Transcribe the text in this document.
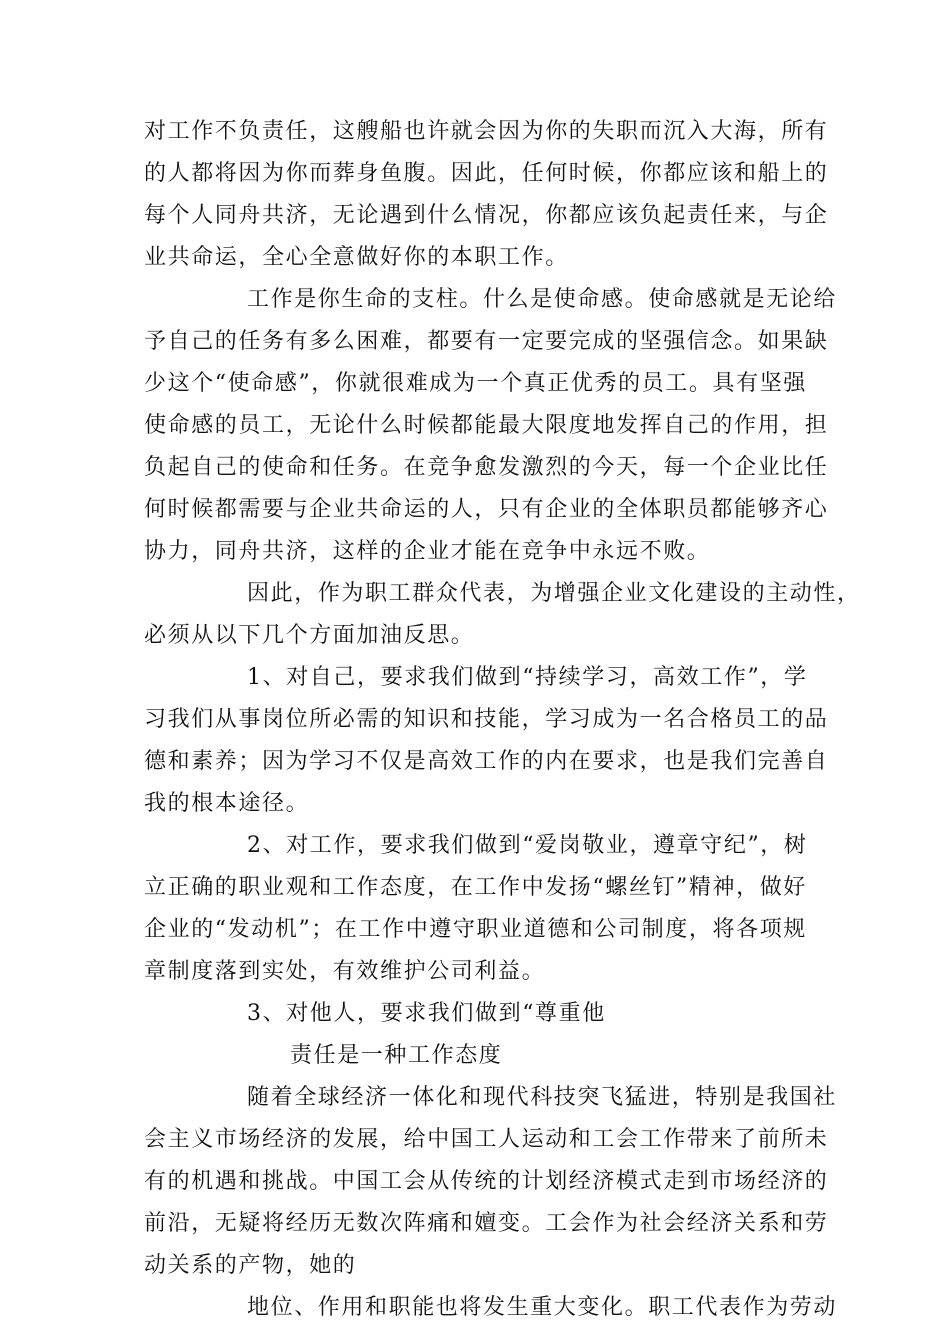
对工作不负责任，这艘船也许就会因为你的失职而沉入大海，所有
的人都将因为你而葬身鱼腹。因此，任何时候，你都应该和船上的
每个人同舟共济，无论遇到什么情况，你都应该负起责任来，与企
业共命运，全心全意做好你的本职工作。
工作是你生命的支柱。什么是使命感。使命感就是无论给
予自己的任务有多么困难，都要有一定要完成的坚强信念。如果缺
少这个“使命感”，你就很难成为一个真正优秀的员工。具有坚强
使命感的员工，无论什么时候都能最大限度地发挥自己的作用，担
负起自己的使命和任务。在竞争愈发激烈的今天，每一个企业比任
何时候都需要与企业共命运的人，只有企业的全体职员都能够齐心
协力，同舟共济，这样的企业才能在竞争中永远不败。
因此，作为职工群众代表，为增强企业文化建设的主动性，
必须从以下几个方面加油反思。
1、对自己，要求我们做到“持续学习，高效工作”，学
习我们从事岗位所必需的知识和技能，学习成为一名合格员工的品
德和素养；因为学习不仅是高效工作的内在要求，也是我们完善自
我的根本途径。
2、对工作，要求我们做到“爱岗敬业，遵章守纪”，树
立正确的职业观和工作态度，在工作中发扬“螺丝钉”精神，做好
企业的“发动机”；在工作中遵守职业道德和公司制度，将各项规
章制度落到实处，有效维护公司利益。
3、对他人，要求我们做到“尊重他
责任是一种工作态度
随着全球经济一体化和现代科技突飞猛进，特别是我国社
会主义市场经济的发展，给中国工人运动和工会工作带来了前所未
有的机遇和挑战。中国工会从传统的计划经济模式走到市场经济的
前沿，无疑将经历无数次阵痛和嬗变。工会作为社会经济关系和劳
动关系的产物，她的
地位、作用和职能也将发生重大变化。职工代表作为劳动
